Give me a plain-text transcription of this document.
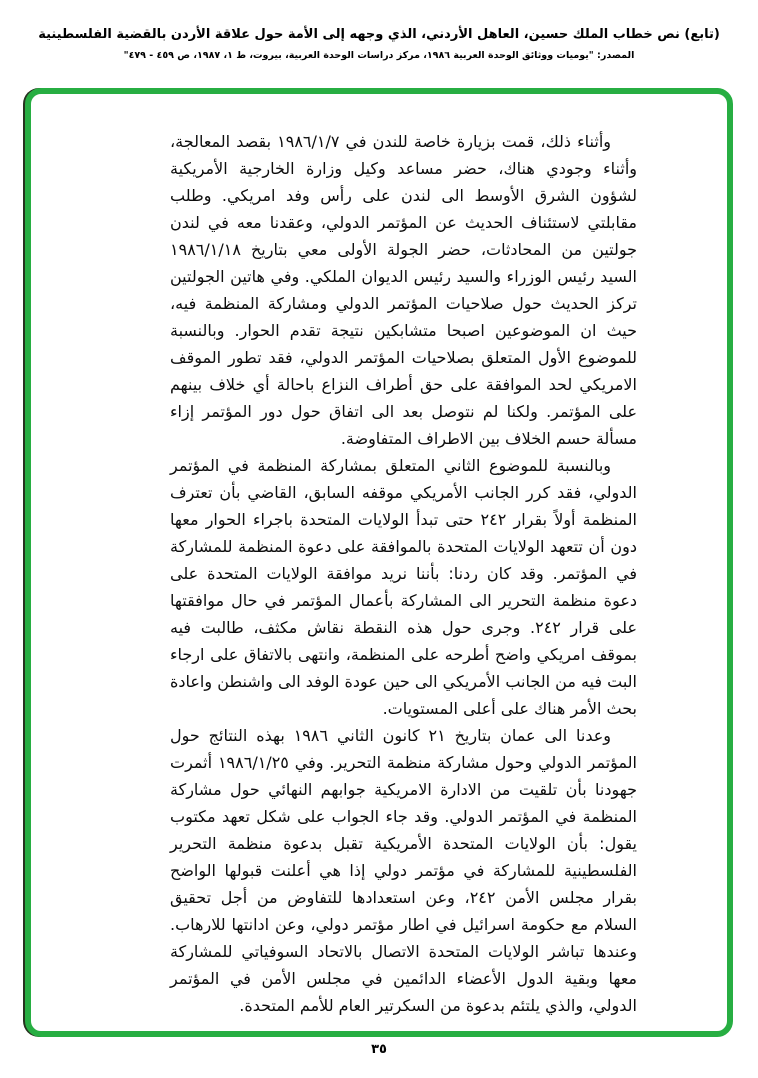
(تابع) نص خطاب الملك حسين، العاهل الأردني، الذي وجهه إلى الأمة حول علاقة الأردن بالقضية الفلسطينية
المصدر: "يوميات ووثائق الوحدة العربية ١٩٨٦، مركز دراسات الوحدة العربية، بيروت، ط ١، ١٩٨٧، ص ٤٥٩ - ٤٧٩"

وأثناء ذلك، قمت بزيارة خاصة للندن في ١٩٨٦/١/٧ بقصد المعالجة، وأثناء وجودي هناك، حضر مساعد وكيل وزارة الخارجية الأمريكية لشؤون الشرق الأوسط الى لندن على رأس وفد امريكي. وطلب مقابلتي لاستئناف الحديث عن المؤتمر الدولي، وعقدنا معه في لندن جولتين من المحادثات، حضر الجولة الأولى معي بتاريخ ١٩٨٦/١/١٨ السيد رئيس الوزراء والسيد رئيس الديوان الملكي. وفي هاتين الجولتين تركز الحديث حول صلاحيات المؤتمر الدولي ومشاركة المنظمة فيه، حيث ان الموضوعين اصبحا متشابكين نتيجة تقدم الحوار. وبالنسبة للموضوع الأول المتعلق بصلاحيات المؤتمر الدولي، فقد تطور الموقف الامريكي لحد الموافقة على حق أطراف النزاع باحالة أي خلاف بينهم على المؤتمر. ولكنا لم نتوصل بعد الى اتفاق حول دور المؤتمر إزاء مسألة حسم الخلاف بين الاطراف المتفاوضة.

وبالنسبة للموضوع الثاني المتعلق بمشاركة المنظمة في المؤتمر الدولي، فقد كرر الجانب الأمريكي موقفه السابق، القاضي بأن تعترف المنظمة أولاً بقرار ٢٤٢ حتى تبدأ الولايات المتحدة باجراء الحوار معها دون أن تتعهد الولايات المتحدة بالموافقة على دعوة المنظمة للمشاركة في المؤتمر. وقد كان ردنا: بأننا نريد موافقة الولايات المتحدة على دعوة منظمة التحرير الى المشاركة بأعمال المؤتمر في حال موافقتها على قرار ٢٤٢. وجرى حول هذه النقطة نقاش مكثف، طالبت فيه بموقف امريكي واضح أطرحه على المنظمة، وانتهى بالاتفاق على ارجاء البت فيه من الجانب الأمريكي الى حين عودة الوفد الى واشنطن واعادة بحث الأمر هناك على أعلى المستويات.

وعدنا الى عمان بتاريخ ٢١ كانون الثاني ١٩٨٦ بهذه النتائج حول المؤتمر الدولي وحول مشاركة منظمة التحرير. وفي ١٩٨٦/١/٢٥ أثمرت جهودنا بأن تلقيت من الادارة الامريكية جوابهم النهائي حول مشاركة المنظمة في المؤتمر الدولي. وقد جاء الجواب على شكل تعهد مكتوب يقول: بأن الولايات المتحدة الأمريكية تقبل بدعوة منظمة التحرير الفلسطينية للمشاركة في مؤتمر دولي إذا هي أعلنت قبولها الواضح بقرار مجلس الأمن ٢٤٢، وعن استعدادها للتفاوض من أجل تحقيق السلام مع حكومة اسرائيل في اطار مؤتمر دولي، وعن ادانتها للارهاب. وعندها تباشر الولايات المتحدة الاتصال بالاتحاد السوفياتي للمشاركة معها وبقية الدول الأعضاء الدائمين في مجلس الأمن في المؤتمر الدولي، والذي يلتئم بدعوة من السكرتير العام للأمم المتحدة.

٣٥
